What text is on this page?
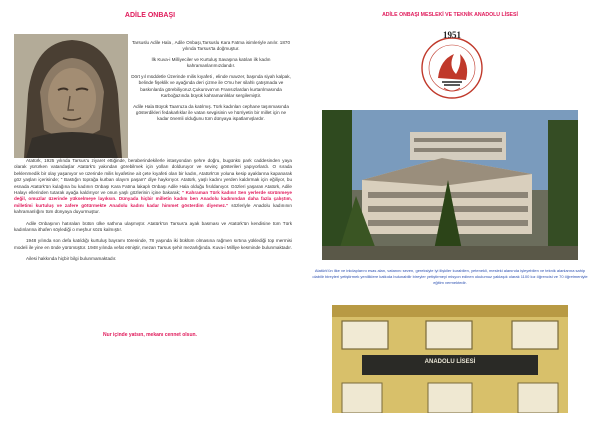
ADİLE ONBAŞI

Tarsuslu Adile Hala , Adile Onbaşı,Tarsuslu Kara Fatma isimleriyle anılır. 1870 yılında Tarsus'ta doğmuştur.

İlk Kuva-i Milliyeciler ve Kurtuluş Savaşına katılan ilk kadın kahramanlarımızdandır.

Dört yıl müddetle Üzerinde milis kıyafeti , elinde mavzer, başında siyah kalpak, belinde fişeklik ve ayağında deri çizme ile O'nu her silahlı çatışmada ve baskınlarda görebiliyoruz.Çukurova'nın Fransızlardan kurtarılmasında Karboğazında büyük kahramanlıklar sergilemiştir.

Adile Hala Büyük Taarruza da katılmış. Türk kadınları cephane taşınmasında gösterdikleri fedakarlıklar ile vatan sevgisinin ve hürriyetin bir millet için ne kadar önemli olduğunu tüm dünyaya ispatlamışlardır.

Atatürk, 1925 yılında Tarsus'u ziyaret ettiğinde, beraberindekilerle istasyondan şehre doğru, bugünkü park caddesinden yaya olarak yürürken vatandaşlar Atatürk'ü yakından görebilmek için yolları dolduruyor ve sevinç gösterileri yapıyorlardı. O sırada beklenmedik bir olay yaşanıyor ve üzerinde milis kıyafetine ait çete kıyafeti olan bir kadın, Atatürk'ün yoluna kesip ayaklarına kapanarak göz yaşları içerisinde; " Bastığın toprağa kurban olayım paşam" diye haykırıyor. Atatürk, yaşlı kadını yerden kaldırmak için eğiliyor, bu esnada Atatürk'ün kulağına bu kadının Onbaşı Kara Fatma lakaplı Onbaşı Adile Hala olduğu fısıldanıyor. Gözleri yaşaran Atatürk, Adile Halayı ellerinden tutarak ayağa kaldırıyor ve onun yaşlı gözlerinin içine bakarak; " Kahraman Türk kadını! Sen yerlerde sürünmeye değil, omuzlar üzerinde yükselmeye layıksın. Dünyada hiçbir milletin kadını ben Anadolu kadınından daha fazla çalıştım, milletimi kurtuluş ve zafere götürmekte Anadolu kadını kadar himmet gösterdim diyemez." sözleriyle Anadolu kadınının kahramanlığını tüm dünyaya duyurmuştur.

Adile Onbaşının hatıraları bütün ülke sathına ulaşmıştır. Atatürk'ün Tarsus'a ayak basması ve Atatürk'ün kendisine tüm Türk kadınlarına ithafen söylediği o meşhur sözü kalmıştır.

1948 yılında son defa katıldığı kurtuluş bayramı töreninde, 78 yaşında iki büklüm olmasına rağmen sırtına yüklediği top mermisi modeli ile yine en önde yürümüştür. 1948 yılında vefat etmiştir, mezarı Tarsus şehir mezarlığında. Kuva-i Milliye kesminde bulunmaktadır.

Ailesi hakkında hiçbir bilgi bulunmamaktadır.

Nur içinde yatsın, mekanı cennet olsun.
ADİLE ONBAŞI MESLEKİ VE TEKNİK ANADOLU LİSESİ
1951
Atatürk'ün ilke ve inkılaplarını esas alan, vatanını seven, gereksiyle iyi ilişkiler kurabilen, yetenekli, mesleki alanında işleyebilen ve teknik alanlarına sahip olabilir bireyleri yetiştirmek yeniliklere katkıda bulunabilir bireyler yetiştirmeyi misyon edinen okulumuz yaklaşık olarak 1100 kız öğrencisi ve 70 öğretmeniyle eğitim vermektedir.
ANADOLU LİSESİ
